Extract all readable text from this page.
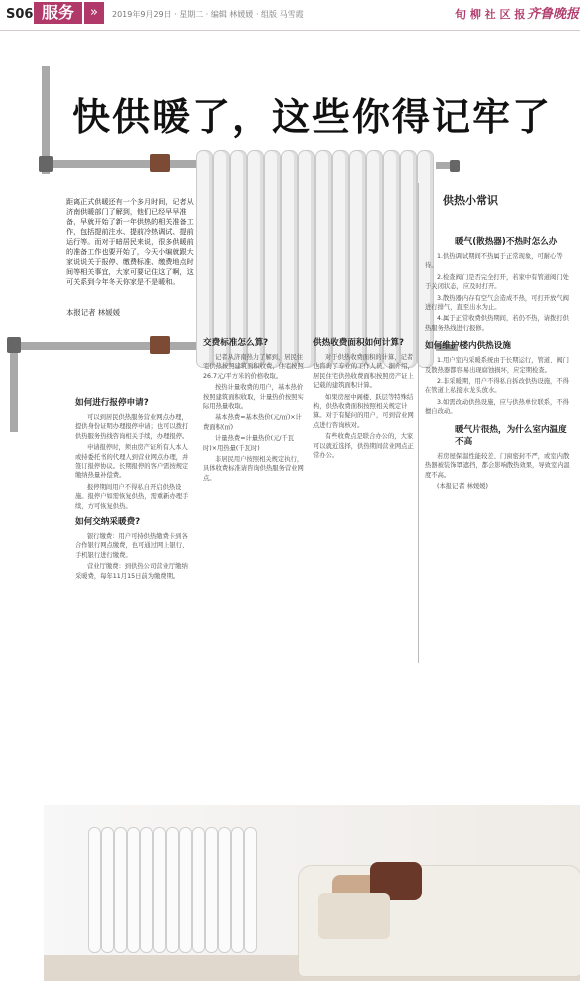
S06 服务	»	2019年9月29日 · 星期二 · 编辑 林媛媛 · 组版 马雪霞	旬 柳 社 区 报 齐鲁晚报
快供暖了，这些你得记牢了
距离正式供暖还有一个多月时间，记者从济南供暖部门了解到，他们已经早早准备，早就开始了新一年供热的相关准备工作，包括提前注水、提前冷热调试、提前运行等。而对于暗居民来说，很多供暖前的准备工作也要开始了，今天小编就跟大家说说关于报停、缴费标准、缴费地点时间等相关事宜，大家可要记住这了啊，这可关系到今年冬天你家是不是暖和。
本报记者 林媛媛
如何进行报停申请?

可以到居民供热服务营业网点办理，提供身份证明办理报停申请；也可以拨打供热服务热线咨询相关手续，办理报停。

申请报停时，须由房产证所有人本人或持委托书的代理人到营业网点办理，并签订报停协议。长期报停的客户需按规定缴纳热量补偿费。

报停期间用户不得私自开启供热设施。报停户如需恢复供热，需重新办理手续，方可恢复供热。

如何交纳采暖费?

银行缴费：用户可持供热缴费卡到各合作银行网点缴费，也可通过网上银行、手机银行进行缴费。

营业厅缴费：到供热公司营业厅缴纳采暖费，每年11月15日前为缴费期。

交费标准怎么算?

记者从济南热力了解到，居民住宅供热按照建筑面积收费，住宅按照26.7元/平方米的价格收取。

按热计量收费的用户，基本热价按照建筑面积收取，计量热价按照实际用热量收取。

基本热费=基本热价(元/㎡)×计费面积(㎡)

计量热费=计量热价(元/千瓦时)×用热量(千瓦时)

非居民用户按照相关规定执行，具体收费标准请咨询供热服务营业网点。

供热收费面积如何计算?

对于供热收费面积的计算，记者也咨询了专业的工作人员。据介绍，居民住宅供热收费面积按照房产证上记载的建筑面积计算。

如果房屋中阁楼、跃层等特殊结构，供热收费面积按照相关规定计算。对于有疑问的用户，可到营业网点进行咨询核对。

有些收费点是联合办公的，大家可以就近选择，供热期间营业网点正常办公。

供热小常识
暖气(散热器)不热时怎么办

1.供热调试期间不热属于正常现象，可耐心等待。

2.检查阀门是否完全打开，若家中有管道阀门处于关闭状态，应及时打开。

3.散热器内存有空气会造成不热，可打开放气阀进行排气，直至出水为止。

4.属于正常收费供热期间，若仍不热，请拨打供热服务热线进行报修。

如何维护楼内供热设施

1.用户室内采暖系统由于长期运行，管道、阀门及散热器都容易出现腐蚀损坏，应定期检查。

2.非采暖期，用户不得私自拆改供热设施，不得在管道上私接水龙头放水。

3.如需改动供热设施，应与供热单位联系，不得擅自改动。

暖气片很热，为什么室内温度不高

若房屋保温性能较差、门窗密封不严，或室内散热器被装饰罩遮挡，都会影响散热效果，导致室内温度不高。

(本报记者 林媛媛)
